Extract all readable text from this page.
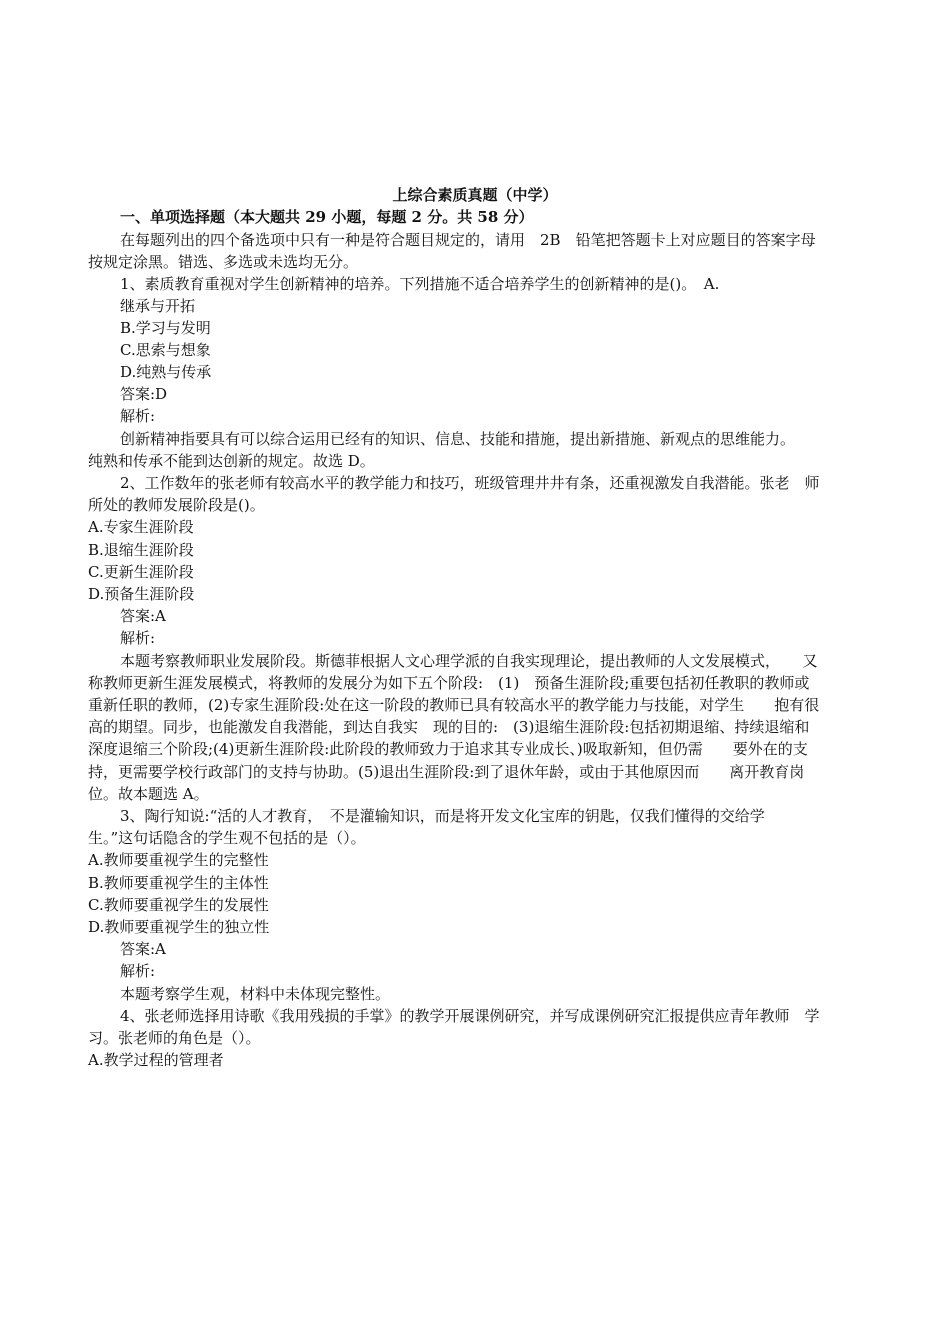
上综合素质真题（中学）
一、单项选择题（本大题共 29 小题，每题 2 分。共 58 分）
在每题列出的四个备选项中只有一种是符合题目规定的，请用　2B　铅笔把答题卡上对应题目的答案字母
按规定涂黑。错选、多选或未选均无分。
1、素质教育重视对学生创新精神的培养。下列措施不适合培养学生的创新精神的是()。　A.
继承与开拓
B.学习与发明
C.思索与想象
D.纯熟与传承
答案:D
解析:
创新精神指要具有可以综合运用已经有的知识、信息、技能和措施，提出新措施、新观点的思维能力。
纯熟和传承不能到达创新的规定。故选 D。
2、工作数年的张老师有较高水平的教学能力和技巧，班级管理井井有条，还重视激发自我潜能。张老　师
所处的教师发展阶段是()。
A.专家生涯阶段
B.退缩生涯阶段
C.更新生涯阶段
D.预备生涯阶段
答案:A
解析:
本题考察教师职业发展阶段。斯德菲根据人文心理学派的自我实现理论，提出教师的人文发展模式，　　又
称教师更新生涯发展模式，将教师的发展分为如下五个阶段:　(1)　预备生涯阶段;重要包括初任教职的教师或
重新任职的教师，(2)专家生涯阶段:处在这一阶段的教师已具有较高水平的教学能力与技能，对学生　　抱有很
高的期望。同步，也能激发自我潜能，到达自我实　现的目的:　(3)退缩生涯阶段:包括初期退缩、持续退缩和
深度退缩三个阶段;(4)更新生涯阶段:此阶段的教师致力于追求其专业成长、)吸取新知，但仍需　　要外在的支
持，更需要学校行政部门的支持与协助。(5)退出生涯阶段:到了退休年龄，或由于其他原因而　　离开教育岗
位。故本题选 A。
3、陶行知说:“活的人才教育，　不是灌输知识，而是将开发文化宝库的钥匙，仅我们懂得的交给学
生。”这句话隐含的学生观不包括的是（）。
A.教师要重视学生的完整性
B.教师要重视学生的主体性
C.教师要重视学生的发展性
D.教师要重视学生的独立性
答案:A
解析:
本题考察学生观，材料中未体现完整性。
4、张老师选择用诗歌《我用残损的手掌》的教学开展课例研究，并写成课例研究汇报提供应青年教师　学
习。张老师的角色是（）。
A.教学过程的管理者
